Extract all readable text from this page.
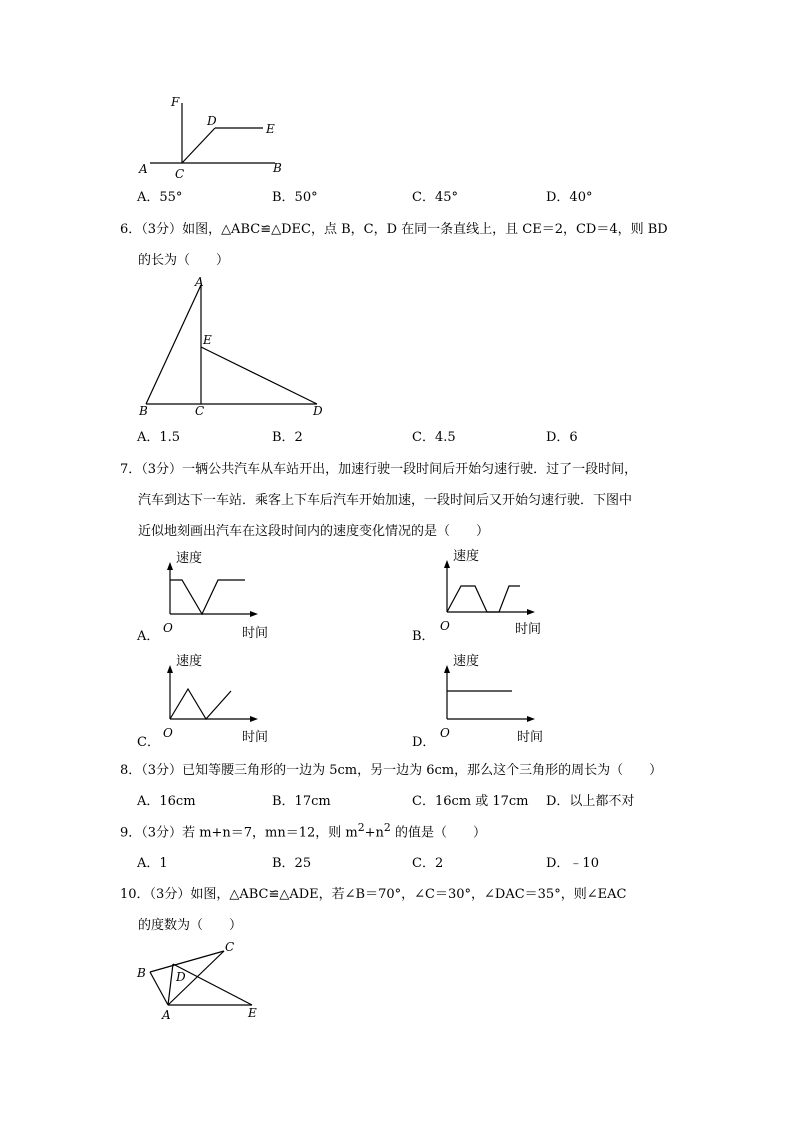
F
D
E
A C	B
A．55°	B．50°	C．45°	D．40°
6．（3分）如图，△ABC≌△DEC，点 B，C，D 在同一条直线上，且 CE＝2，CD＝4，则 BD
的长为（　　）
A
E
B	C	D
A．1.5	B．2	C．4.5	D．6
7．（3分）一辆公共汽车从车站开出，加速行驶一段时间后开始匀速行驶．过了一段时间，
汽车到达下一车站．乘客上下车后汽车开始加速，一段时间后又开始匀速行驶．下图中
近似地刻画出汽车在这段时间内的速度变化情况的是（　　）
速度
时间
O
A．
速度
时间
O
B．
速度
时间
O
C．
速度
时间
O
D．
8．（3分）已知等腰三角形的一边为 5cm，另一边为 6cm，那么这个三角形的周长为（　　）
A．16cm	B．17cm	C．16cm 或 17cm D．以上都不对
9．（3分）若 m+n＝7，mn＝12，则 $m^2+n^2$ 的值是（　　）
A．1	B．25	C．2	D．﹣10
10．（3分）如图，△ABC≌△ADE，若∠B＝70°，∠C＝30°，∠DAC＝35°，则∠EAC
的度数为（　　）
B
C
D
A	E
